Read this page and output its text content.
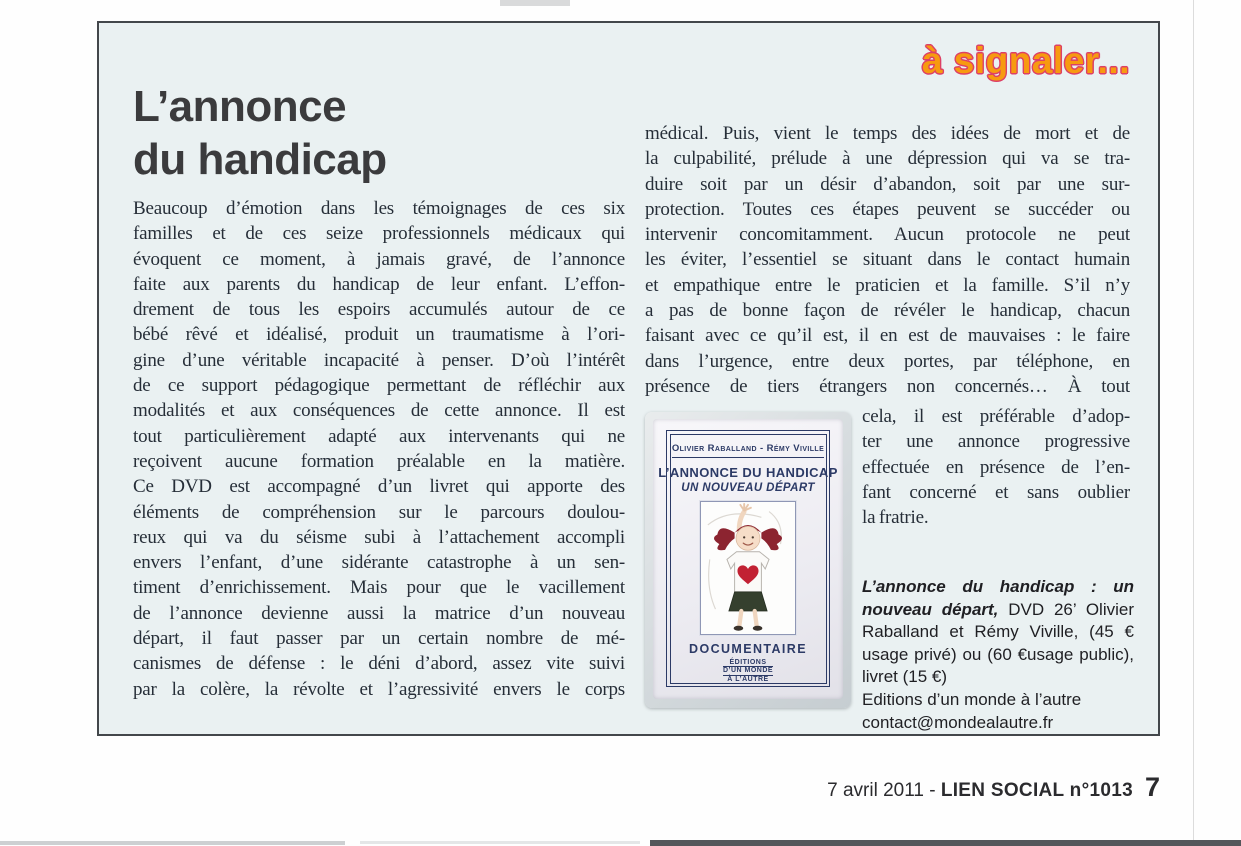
à signaler...
L’annonce
du handicap
Beaucoup d’émotion dans les témoignages de ces six
familles et de ces seize professionnels médicaux qui
évoquent ce moment, à jamais gravé, de l’annonce
faite aux parents du handicap de leur enfant. L’effon-
drement de tous les espoirs accumulés autour de ce
bébé rêvé et idéalisé, produit un traumatisme à l’ori-
gine d’une véritable incapacité à penser. D’où l’intérêt
de ce support pédagogique permettant de réfléchir aux
modalités et aux conséquences de cette annonce. Il est
tout particulièrement adapté aux intervenants qui ne
reçoivent aucune formation préalable en la matière.
Ce DVD est accompagné d’un livret qui apporte des
éléments de compréhension sur le parcours doulou-
reux qui va du séisme subi à l’attachement accompli
envers l’enfant, d’une sidérante catastrophe à un sen-
timent d’enrichissement. Mais pour que le vacillement
de l’annonce devienne aussi la matrice d’un nouveau
départ, il faut passer par un certain nombre de mé-
canismes de défense : le déni d’abord, assez vite suivi
par la colère, la révolte et l’agressivité envers le corps
médical. Puis, vient le temps des idées de mort et de
la culpabilité, prélude à une dépression qui va se tra-
duire soit par un désir d’abandon, soit par une sur-
protection. Toutes ces étapes peuvent se succéder ou
intervenir concomitamment. Aucun protocole ne peut
les éviter, l’essentiel se situant dans le contact humain
et empathique entre le praticien et la famille. S’il n’y
a pas de bonne façon de révéler le handicap, chacun
faisant avec ce qu’il est, il en est de mauvaises : le faire
dans l’urgence, entre deux portes, par téléphone, en
présence de tiers étrangers non concernés… À tout
cela, il est préférable d’adop-
ter une annonce progressive
effectuée en présence de l’en-
fant concerné et sans oublier
la fratrie.
Olivier Raballand - Rémy Viville
L’ANNONCE DU HANDICAP
UN NOUVEAU DÉPART
DOCUMENTAIRE
ÉDITIONS
D’UN MONDE
À L’AUTRE

L’annonce du handicap : un nouveau départ, DVD 26’ Olivier Raballand et Rémy Viville, (45 € usage privé) ou (60 €usage public), livret (15 €)

Editions d’un monde à l’autre
contact@mondealautre.fr
7 avril 2011 - LIEN SOCIAL n°1013 7
